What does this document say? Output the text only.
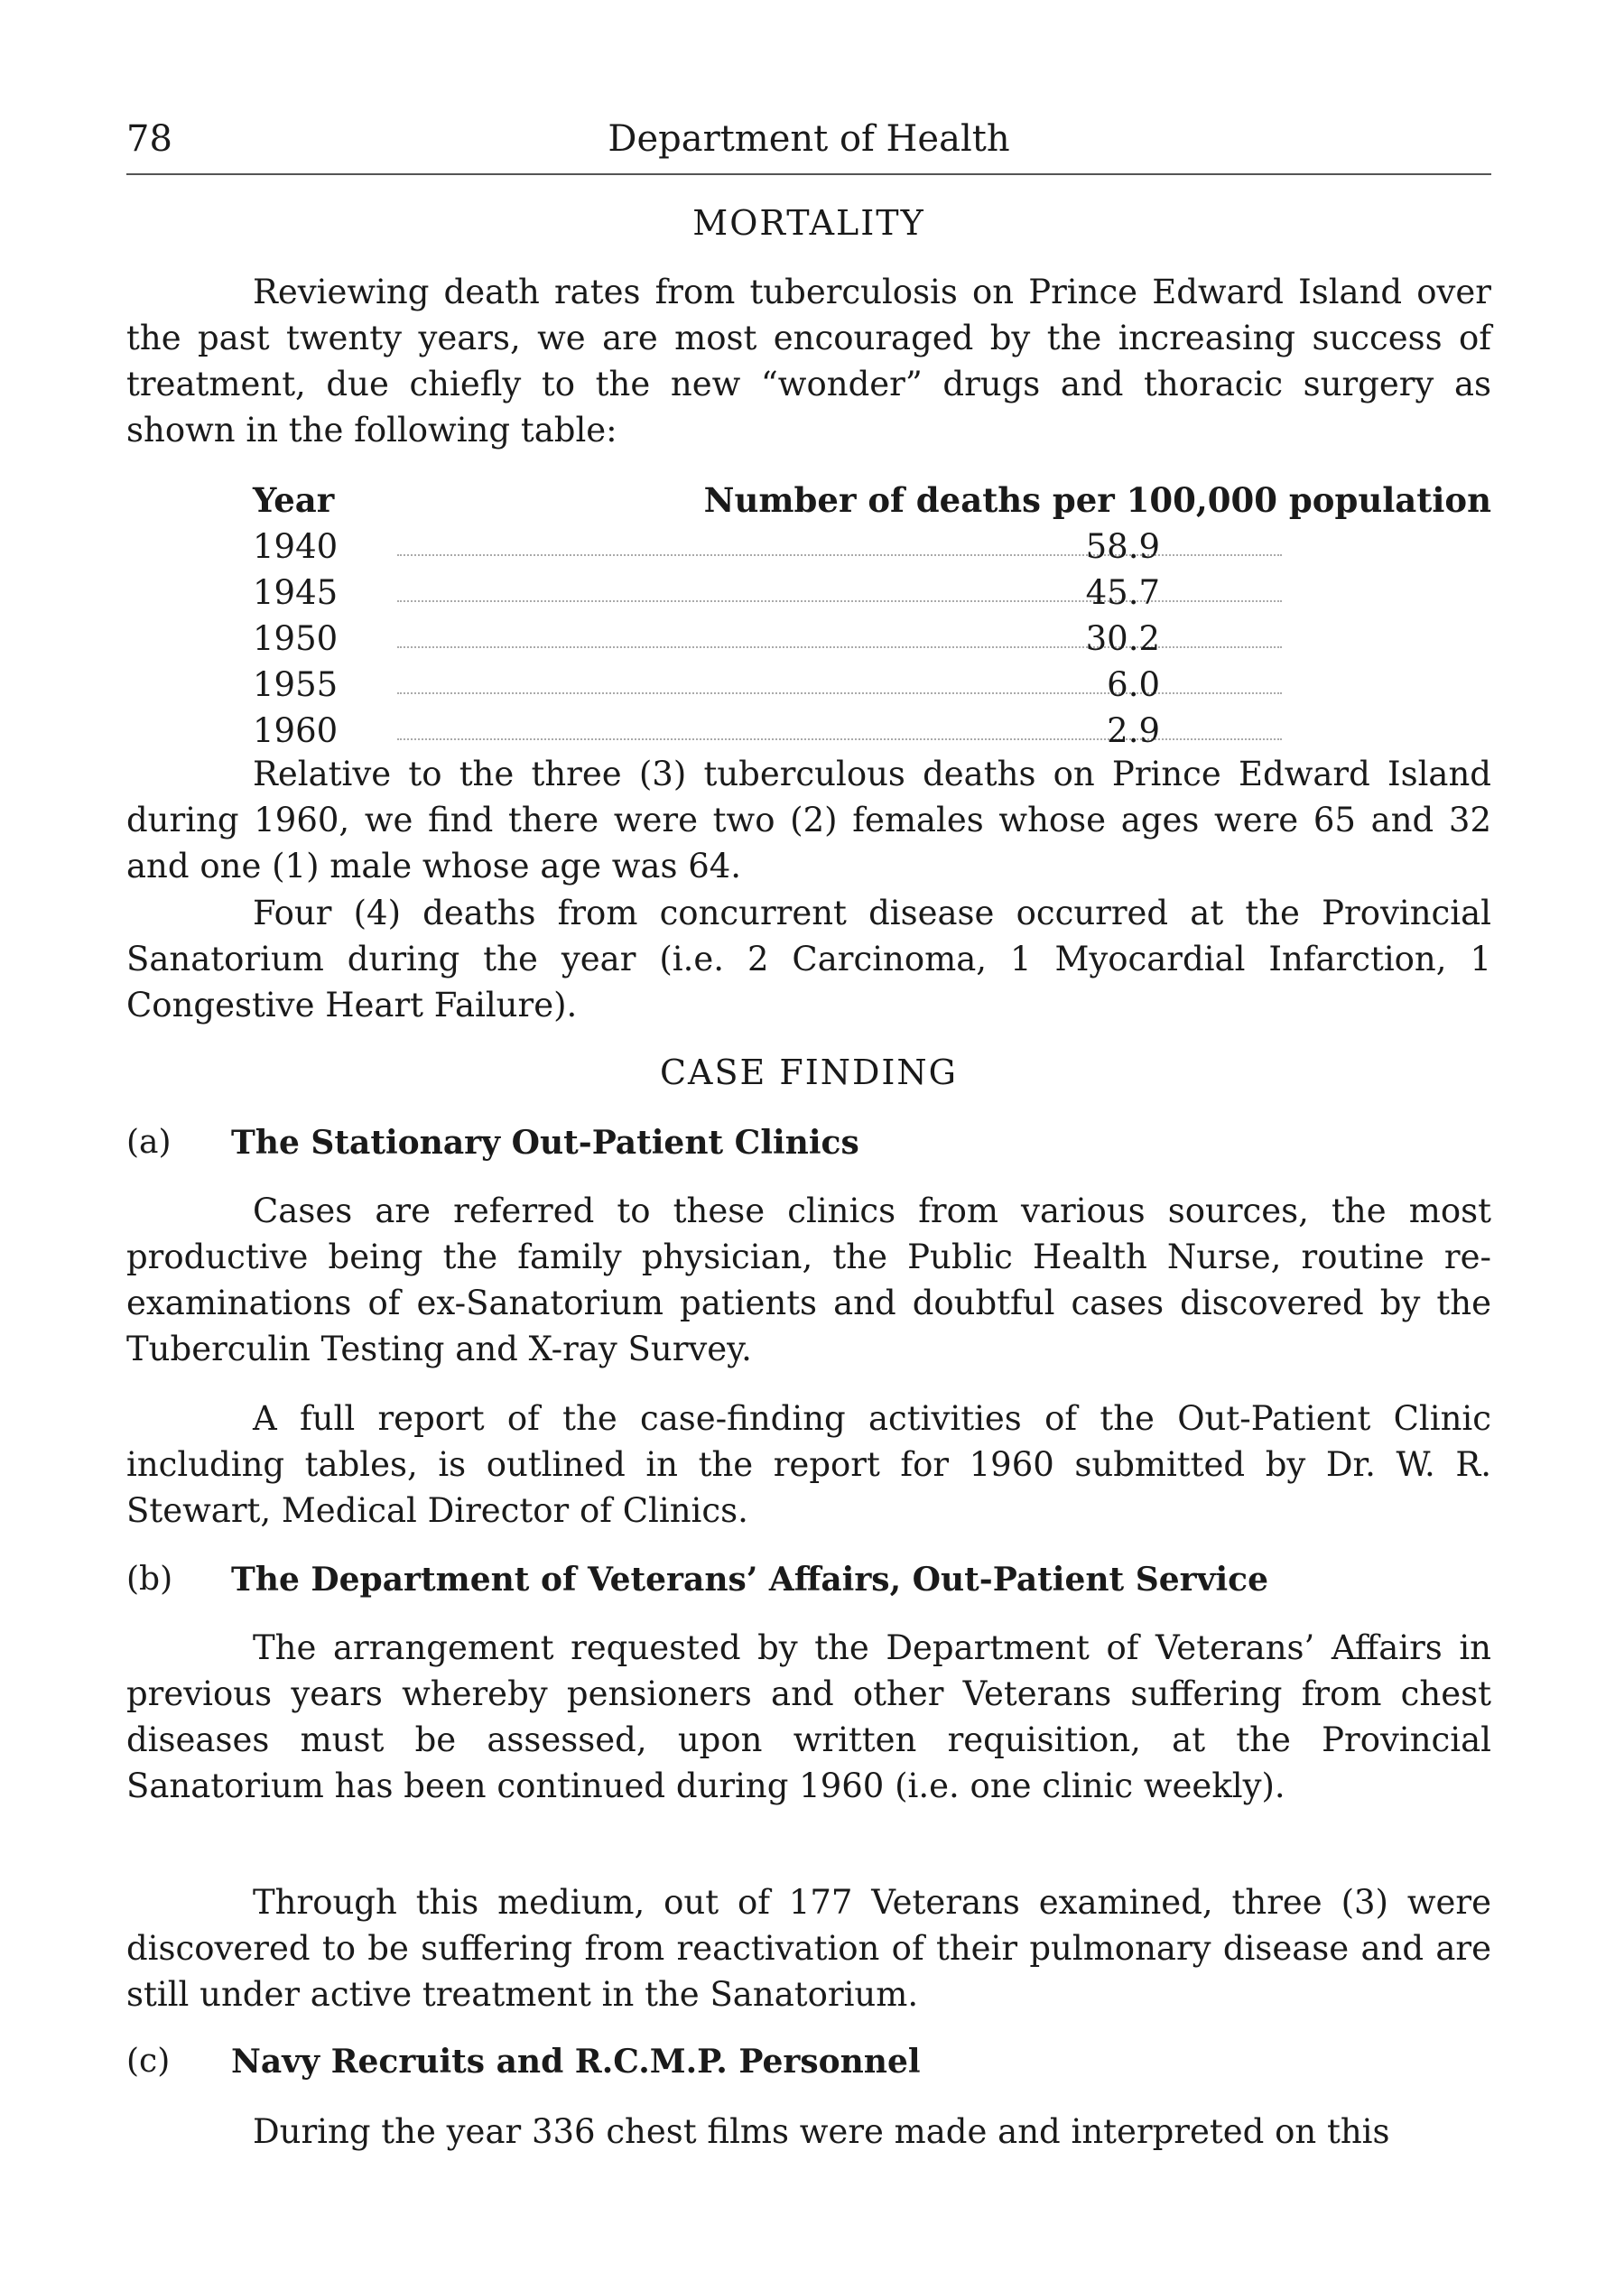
78	Department of Health
MORTALITY

Reviewing death rates from tuberculosis on Prince Edward Island over the past twenty years, we are most encouraged by the increasing success of treatment, due chiefly to the new “wonder” drugs and thoracic surgery as shown in the following table:

Year	Number of deaths per 100,000 population
1940	58.9
1945	45.7
1950	30.2
1955	6.0
1960	2.9

Relative to the three (3) tuberculous deaths on Prince Edward Island during 1960, we find there were two (2) females whose ages were 65 and 32 and one (1) male whose age was 64.

Four (4) deaths from concurrent disease occurred at the Provincial Sanatorium during the year (i.e. 2 Carcinoma, 1 Myocardial Infarction, 1 Congestive Heart Failure).

CASE FINDING
(a) The Stationary Out-Patient Clinics

Cases are referred to these clinics from various sources, the most productive being the family physician, the Public Health Nurse, routine re-examinations of ex-Sanatorium patients and doubtful cases discovered by the Tuberculin Testing and X-ray Survey.

A full report of the case-finding activities of the Out-Patient Clinic including tables, is outlined in the report for 1960 submitted by Dr. W. R. Stewart, Medical Director of Clinics.

(b) The Department of Veterans’ Affairs, Out-Patient Service

The arrangement requested by the Department of Veterans’ Affairs in previous years whereby pensioners and other Veterans suffering from chest diseases must be assessed, upon written requisition, at the Provincial Sanatorium has been continued during 1960 (i.e. one clinic weekly).

Through this medium, out of 177 Veterans examined, three (3) were discovered to be suffering from reactivation of their pulmonary disease and are still under active treatment in the Sanatorium.

(c) Navy Recruits and R.C.M.P. Personnel

During the year 336 chest films were made and interpreted on this
